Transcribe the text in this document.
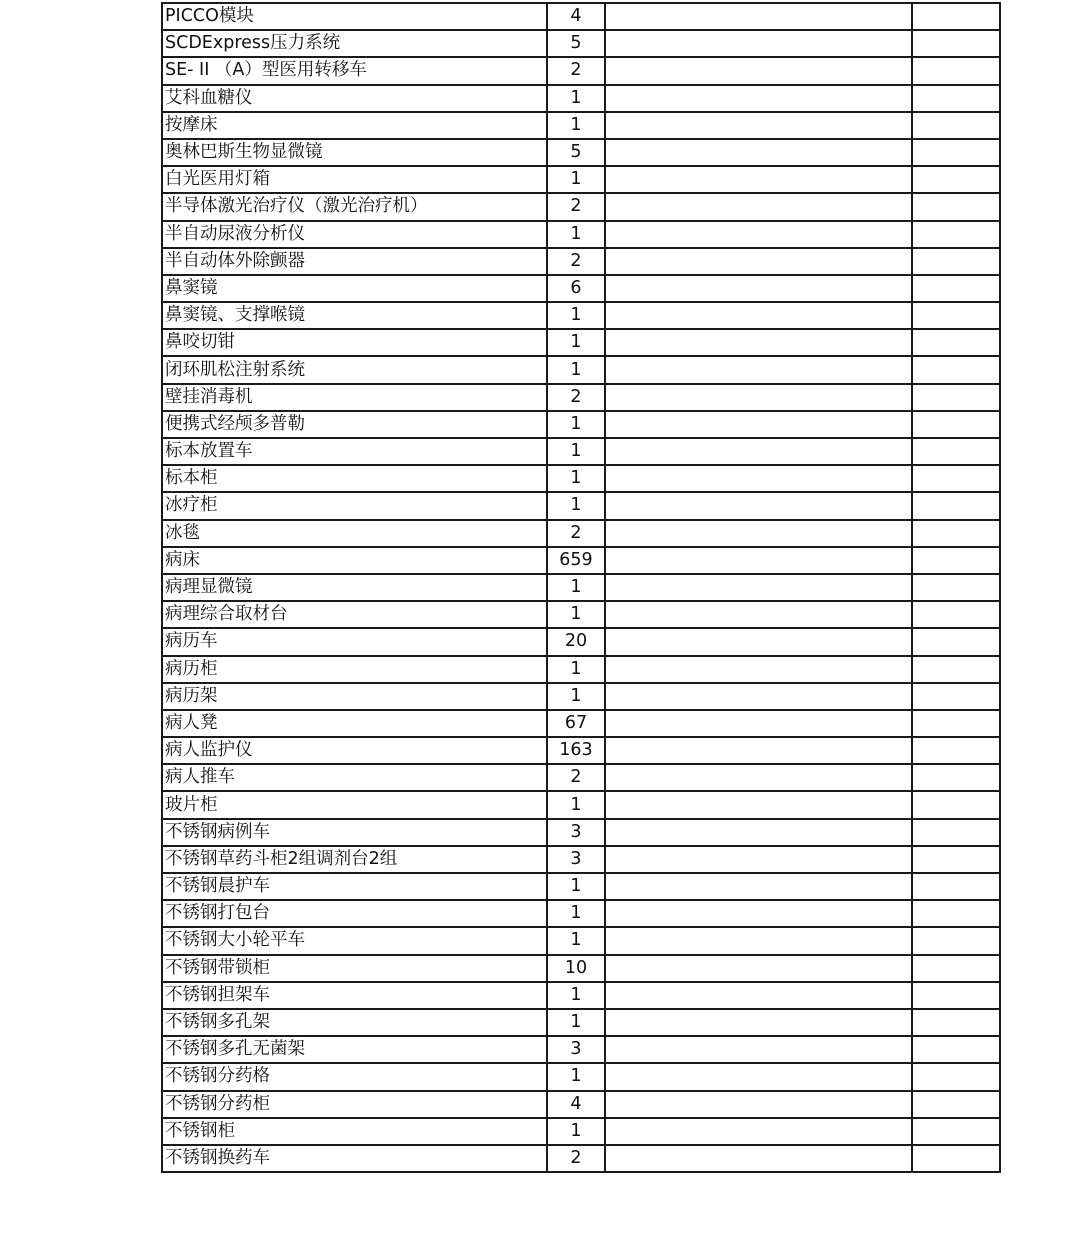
PICCO模块	4		
SCDExpress压力系统	5		
SE- II （A）型医用转移车	2		
艾科血糖仪	1		
按摩床	1		
奥林巴斯生物显微镜	5		
白光医用灯箱	1		
半导体激光治疗仪（激光治疗机）	2		
半自动尿液分析仪	1		
半自动体外除颤器	2		
鼻窦镜	6		
鼻窦镜、支撑喉镜	1		
鼻咬切钳	1		
闭环肌松注射系统	1		
壁挂消毒机	2		
便携式经颅多普勒	1		
标本放置车	1		
标本柜	1		
冰疗柜	1		
冰毯	2		
病床	659		
病理显微镜	1		
病理综合取材台	1		
病历车	20		
病历柜	1		
病历架	1		
病人凳	67		
病人监护仪	163		
病人推车	2		
玻片柜	1		
不锈钢病例车	3		
不锈钢草药斗柜2组调剂台2组	3		
不锈钢晨护车	1		
不锈钢打包台	1		
不锈钢大小轮平车	1		
不锈钢带锁柜	10		
不锈钢担架车	1		
不锈钢多孔架	1		
不锈钢多孔无菌架	3		
不锈钢分药格	1		
不锈钢分药柜	4		
不锈钢柜	1		
不锈钢换药车	2		
